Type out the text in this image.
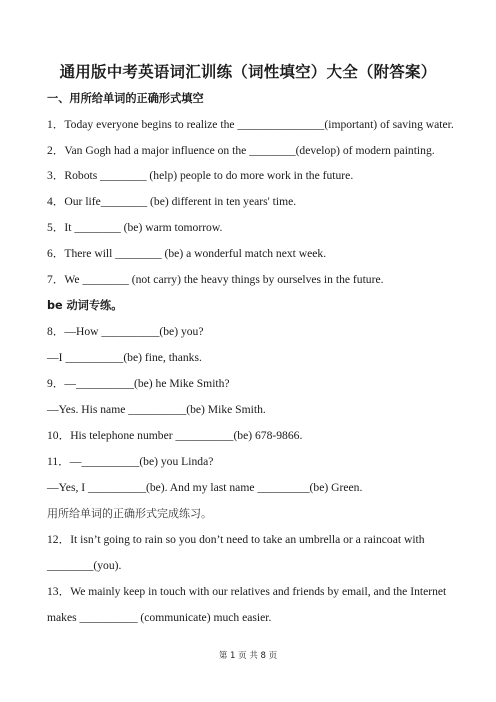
通用版中考英语词汇训练（词性填空）大全（附答案）
一、用所给单词的正确形式填空
1．Today everyone begins to realize the _______________(important) of saving water.
2．Van Gogh had a major influence on the ________(develop) of modern painting.
3．Robots ________ (help) people to do more work in the future.
4．Our life________ (be) different in ten years' time.
5．It ________ (be) warm tomorrow.
6．There will ________ (be) a wonderful match next week.
7．We ________ (not carry) the heavy things by ourselves in the future.
be 动词专练。
8．—How __________(be) you?
—I __________(be) fine, thanks.
9．—__________(be) he Mike Smith?
—Yes. His name __________(be) Mike Smith.
10．His telephone number __________(be) 678-9866.
11．—__________(be) you Linda?
—Yes, I __________(be). And my last name _________(be) Green.
用所给单词的正确形式完成练习。
12．It isn’t going to rain so you don’t need to take an umbrella or a raincoat with
________(you).
13．We mainly keep in touch with our relatives and friends by email, and the Internet
makes __________ (communicate) much easier.
第 1 页 共 8 页
